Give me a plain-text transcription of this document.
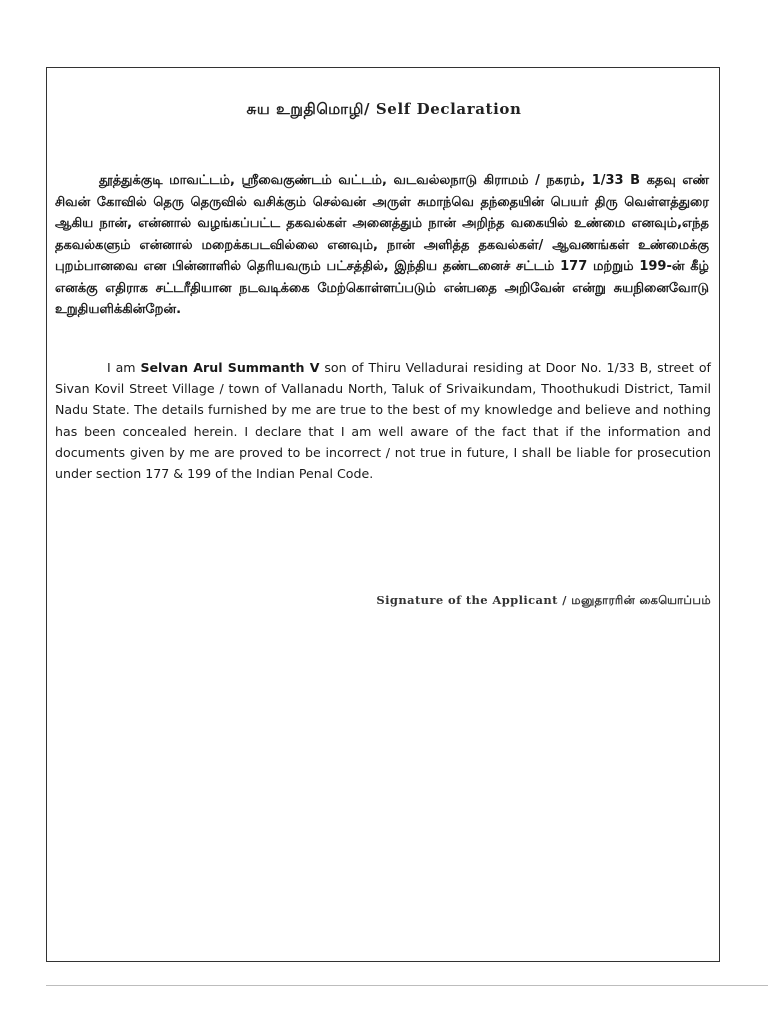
சுய உறுதிமொழி/ Self Declaration
தூத்துக்குடி மாவட்டம், ஸ்ரீவைகுண்டம் வட்டம், வடவல்லநாடு கிராமம் / நகரம், 1/33 B கதவு எண் சிவன் கோவில் தெரு தெருவில் வசிக்கும் செல்வன் அருள் சுமாந்வெ தந்தையின் பெயர் திரு வெள்ளத்துரை ஆகிய நான், என்னால் வழங்கப்பட்ட தகவல்கள் அனைத்தும் நான் அறிந்த வகையில் உண்மை எனவும்,எந்த தகவல்களும் என்னால் மறைக்கபடவில்லை எனவும், நான் அளித்த தகவல்கள்/ ஆவணங்கள் உண்மைக்கு புறம்பானவை என பின்னாளில் தெரியவரும் பட்சத்தில், இந்திய தண்டனைச் சட்டம் 177 மற்றும் 199-ன் கீழ் எனக்கு எதிராக சட்டரீதியான நடவடிக்கை மேற்கொள்ளப்படும் என்பதை அறிவேன் என்று சுயநினைவோடு உறுதியளிக்கின்றேன்.
I am Selvan Arul Summanth V son of Thiru Velladurai residing at Door No. 1/33 B, street of Sivan Kovil Street Village / town of Vallanadu North, Taluk of Srivaikundam, Thoothukudi District, Tamil Nadu State. The details furnished by me are true to the best of my knowledge and believe and nothing has been concealed herein. I declare that I am well aware of the fact that if the information and documents given by me are proved to be incorrect / not true in future, I shall be liable for prosecution under section 177 & 199 of the Indian Penal Code.
Signature of the Applicant / மனுதாரரின் கையொப்பம்
